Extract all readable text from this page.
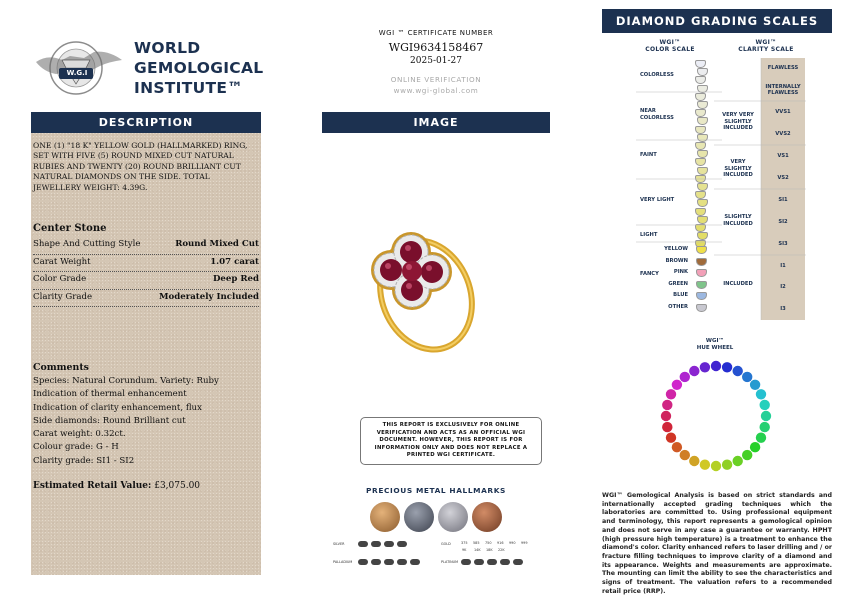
W.G.I
WORLD
GEMOLOGICAL
INSTITUTE™
DESCRIPTION
ONE (1) "18 K" YELLOW GOLD (HALLMARKED) RING, SET WITH FIVE (5) ROUND MIXED CUT NATURAL RUBIES AND TWENTY (20) ROUND BRILLIANT CUT NATURAL DIAMONDS ON THE SIDE. TOTAL JEWELLERY WEIGHT: 4.39G.
Center Stone
Shape And Cutting Style	Round Mixed Cut
Carat Weight	1.07 carat
Color Grade	Deep Red
Clarity Grade	Moderately Included
Comments
Species: Natural Corundum. Variety: Ruby
Indication of thermal enhancement
Indication of clarity enhancement, flux
Side diamonds: Round Brilliant cut
Carat weight: 0.32ct.
Colour grade: G - H
Clarity grade: SI1 - SI2
Estimated Retail Value: £3,075.00
WGI ™ CERTIFICATE NUMBER
WGI9634158467
2025-01-27
ONLINE VERIFICATION
www.wgi-global.com
IMAGE
THIS REPORT IS EXCLUSIVELY FOR ONLINE VERIFICATION AND ACTS AS AN OFFICIAL WGI DOCUMENT. HOWEVER, THIS REPORT IS FOR INFORMATION ONLY AND DOES NOT REPLACE A PRINTED WGI CERTIFICATE.
PRECIOUS METAL HALLMARKS
SILVER
PALLADIUM
GOLD
PLATINUM
375 585 750 916 990 999
9K 14K 18K 22K
DIAMOND GRADING SCALES
WGI™
COLOR SCALE
WGI™
CLARITY SCALE
COLORLESS
NEAR COLORLESS
FAINT
VERY LIGHT
LIGHT
FANCY
YELLOW
BROWN
PINK
GREEN
BLUE
OTHER
FLAWLESS
INTERNALLY FLAWLESS
VVS1
VVS2
VS1
VS2
SI1
SI2
SI3
I1
I2
I3
VERY VERY SLIGHTLY INCLUDED
VERY SLIGHTLY INCLUDED
SLIGHTLY INCLUDED
INCLUDED
WGI™
HUE WHEEL
WGI™ Gemological Analysis is based on strict standards and internationally accepted grading techniques which the laboratories are committed to. Using professional equipment and terminology, this report represents a gemological opinion and does not serve in any case a guarantee or warranty. HPHT (high pressure high temperature) is a treatment to enhance the diamond's color. Clarity enhanced refers to laser drilling and / or fracture filling techniques to improve clarity of a diamond and its appearance. Weights and measurements are approximate. The mounting can limit the ability to see the characteristics and signs of treatment. The valuation refers to a recommended retail price (RRP).
